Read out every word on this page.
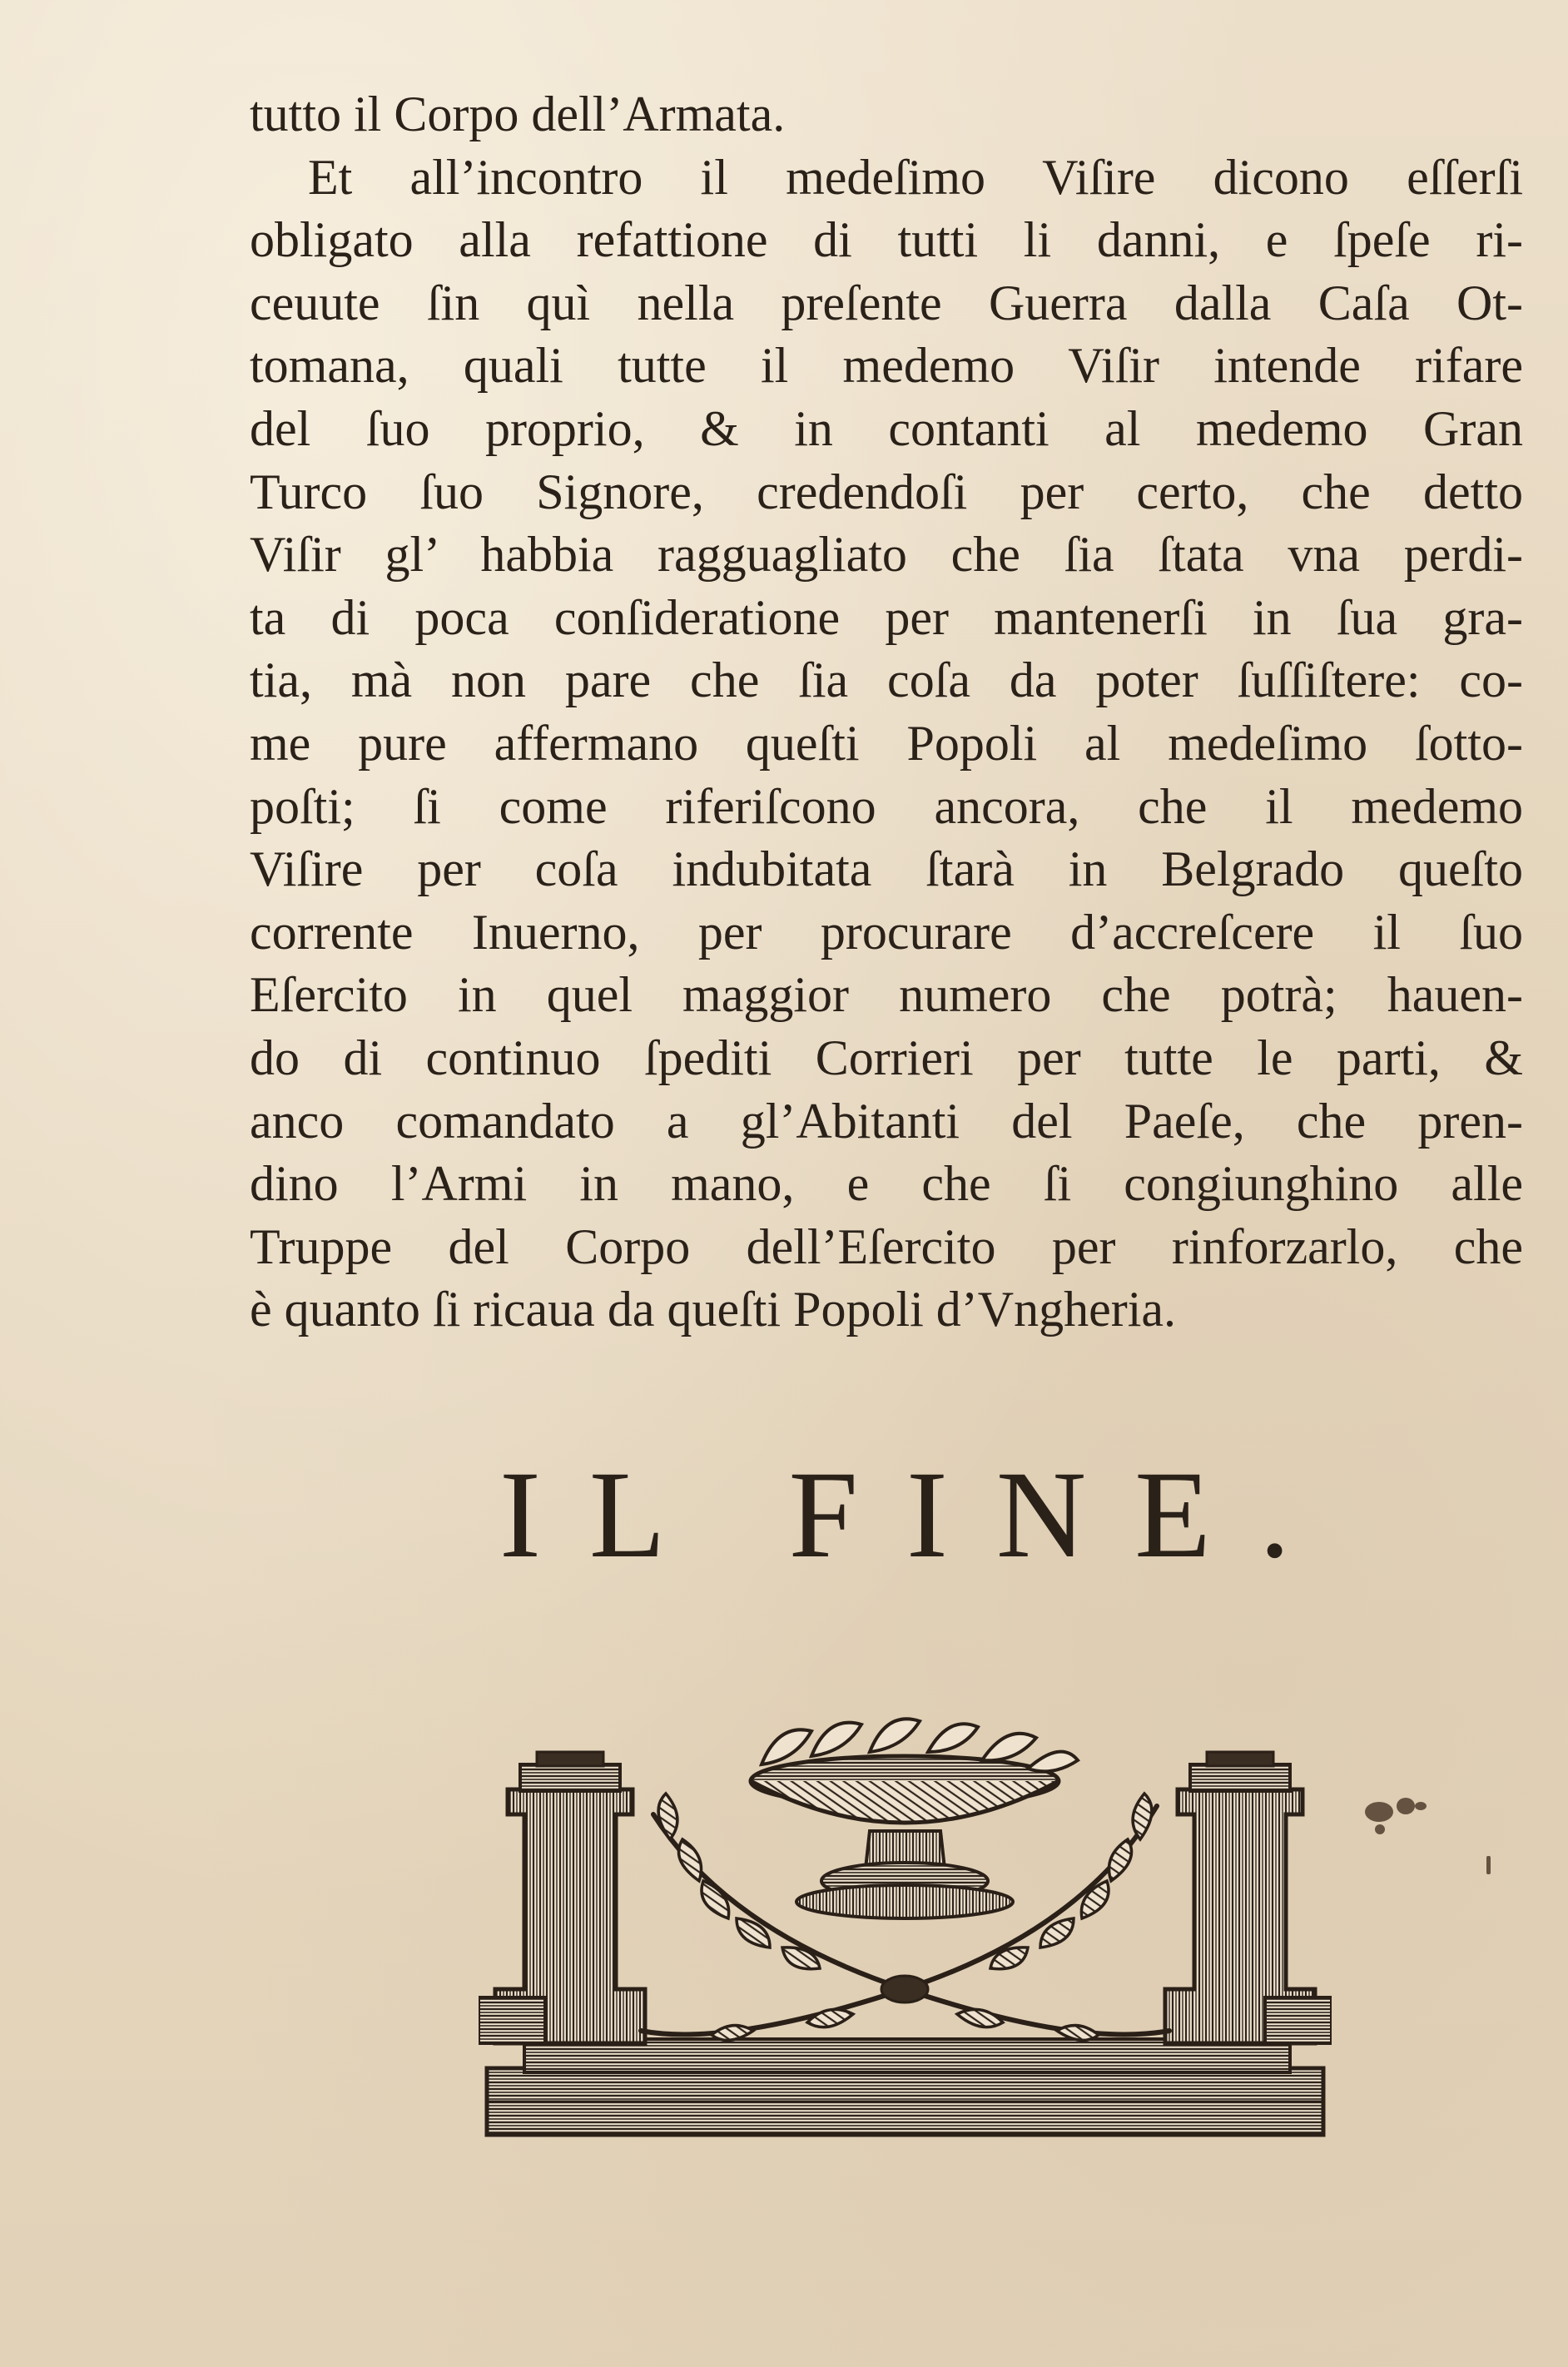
tutto il Corpo dell’Armata.
Et all’incontro il medeſimo Viſire dicono eſſerſi
obligato alla refattione di tutti li danni, e ſpeſe ri-
ceuute ſin quì nella preſente Guerra dalla Caſa Ot-
tomana, quali tutte il medemo Viſir intende rifare
del ſuo proprio, & in contanti al medemo Gran
Turco ſuo Signore, credendoſi per certo, che detto
Viſir gl’ habbia ragguagliato che ſia ſtata vna perdi-
ta di poca conſideratione per mantenerſi in ſua gra-
tia, mà non pare che ſia coſa da poter ſuſſiſtere: co-
me pure affermano queſti Popoli al medeſimo ſotto-
poſti; ſi come riferiſcono ancora, che il medemo
Viſire per coſa indubitata ſtarà in Belgrado queſto
corrente Inuerno, per procurare d’accreſcere il ſuo
Eſercito in quel maggior numero che potrà; hauen-
do di continuo ſpediti Corrieri per tutte le parti, &
anco comandato a gl’Abitanti del Paeſe, che pren-
dino l’Armi in mano, e che ſi congiunghino alle
Truppe del Corpo dell’Eſercito per rinforzarlo, che
è quanto ſi ricaua da queſti Popoli d’Vngheria.
IL FINE.
